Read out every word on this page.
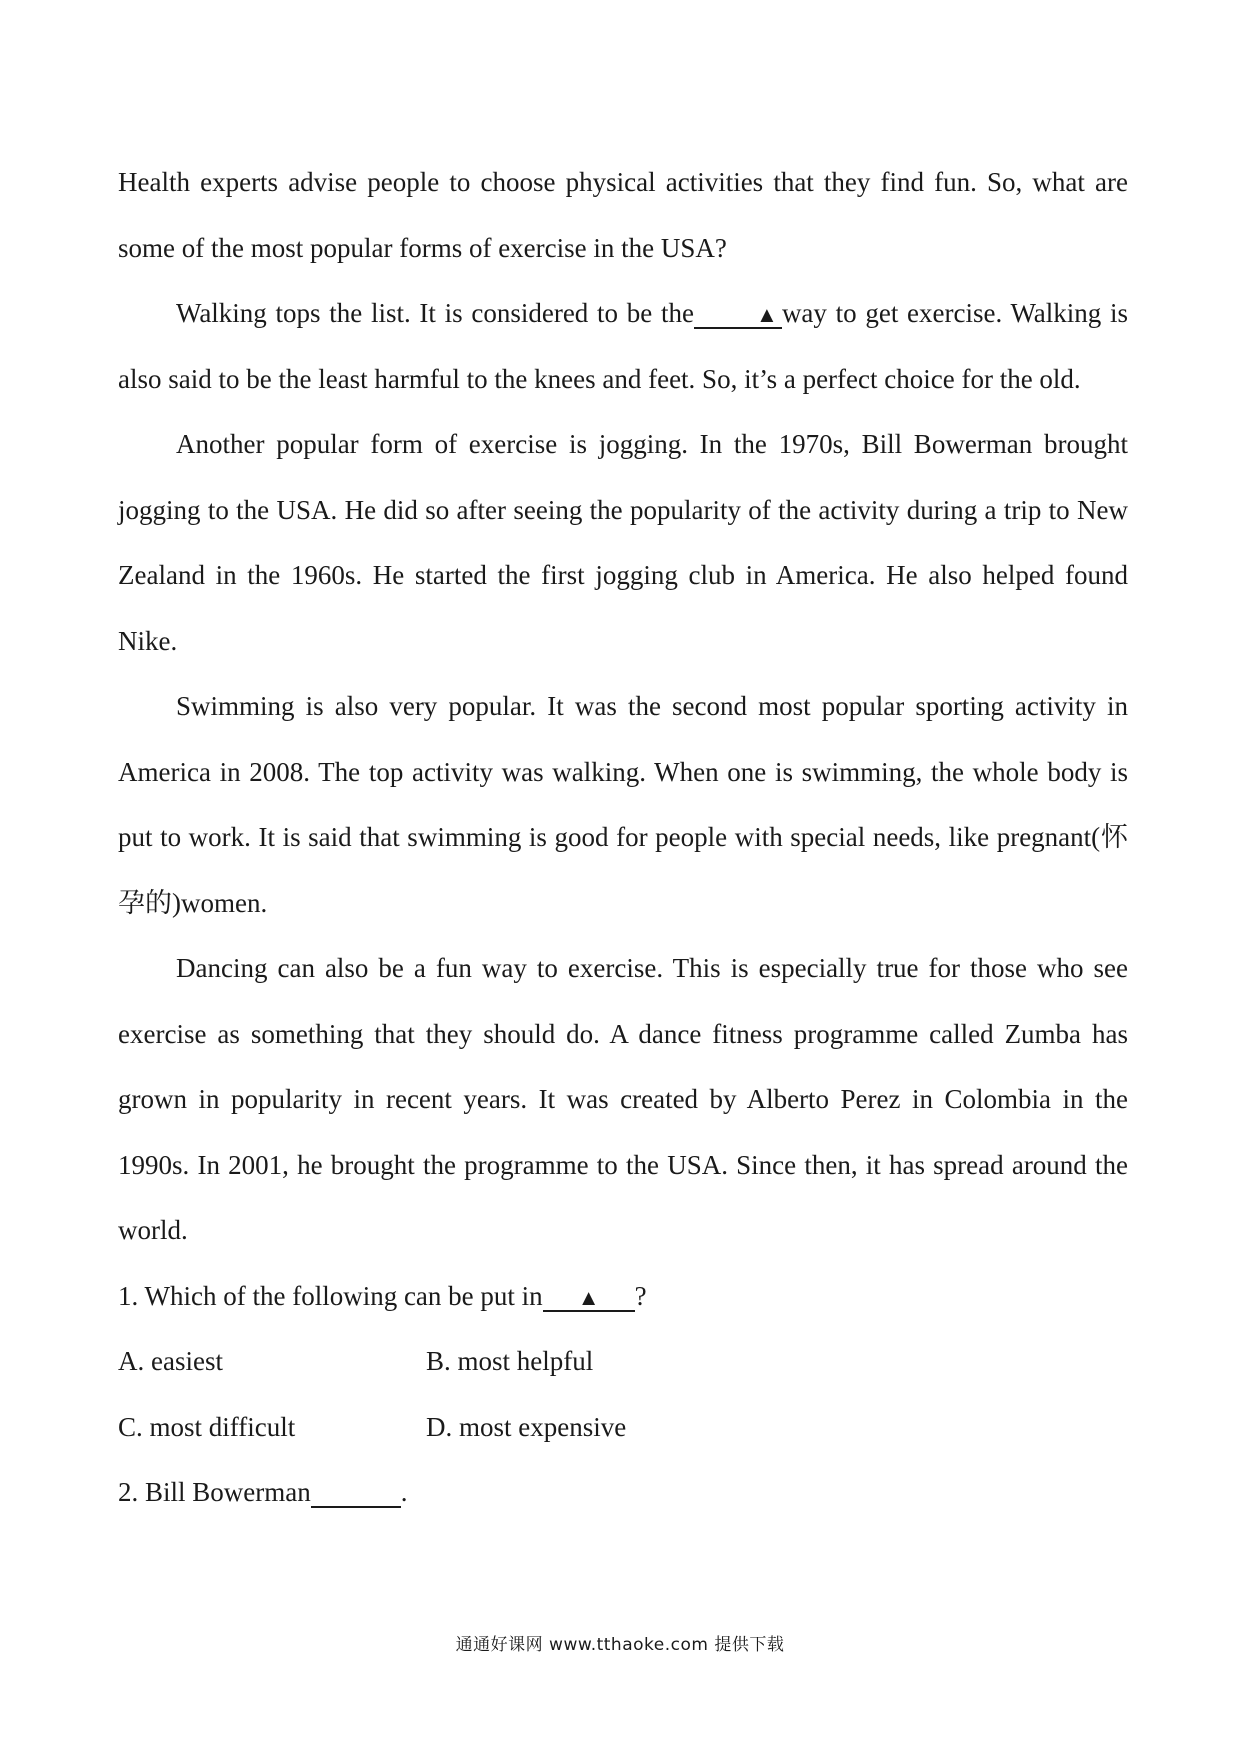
Health experts advise people to choose physical activities that they find fun. So, what are some of the most popular forms of exercise in the USA?

Walking tops the list. It is considered to be the	▲ way to get exercise. Walking is also said to be the least harmful to the knees and feet. So, it’s a perfect choice for the old.

Another popular form of exercise is jogging. In the 1970s, Bill Bowerman brought jogging to the USA. He did so after seeing the popularity of the activity during a trip to New Zealand in the 1960s. He started the first jogging club in America. He also helped found Nike.

Swimming is also very popular. It was the second most popular sporting activity in America in 2008. The top activity was walking. When one is swimming, the whole body is put to work. It is said that swimming is good for people with special needs, like pregnant(怀孕的)women.

Dancing can also be a fun way to exercise. This is especially true for those who see exercise as something that they should do. A dance fitness programme called Zumba has grown in popularity in recent years. It was created by Alberto Perez in Colombia in the 1990s. In 2001, he brought the programme to the USA. Since then, it has spread around the world.

1. Which of the following can be put in ▲ ?

A. easiest	B. most helpful
C. most difficult	D. most expensive

2. Bill Bowerman	.

通通好课网 www.tthaoke.com 提供下载
